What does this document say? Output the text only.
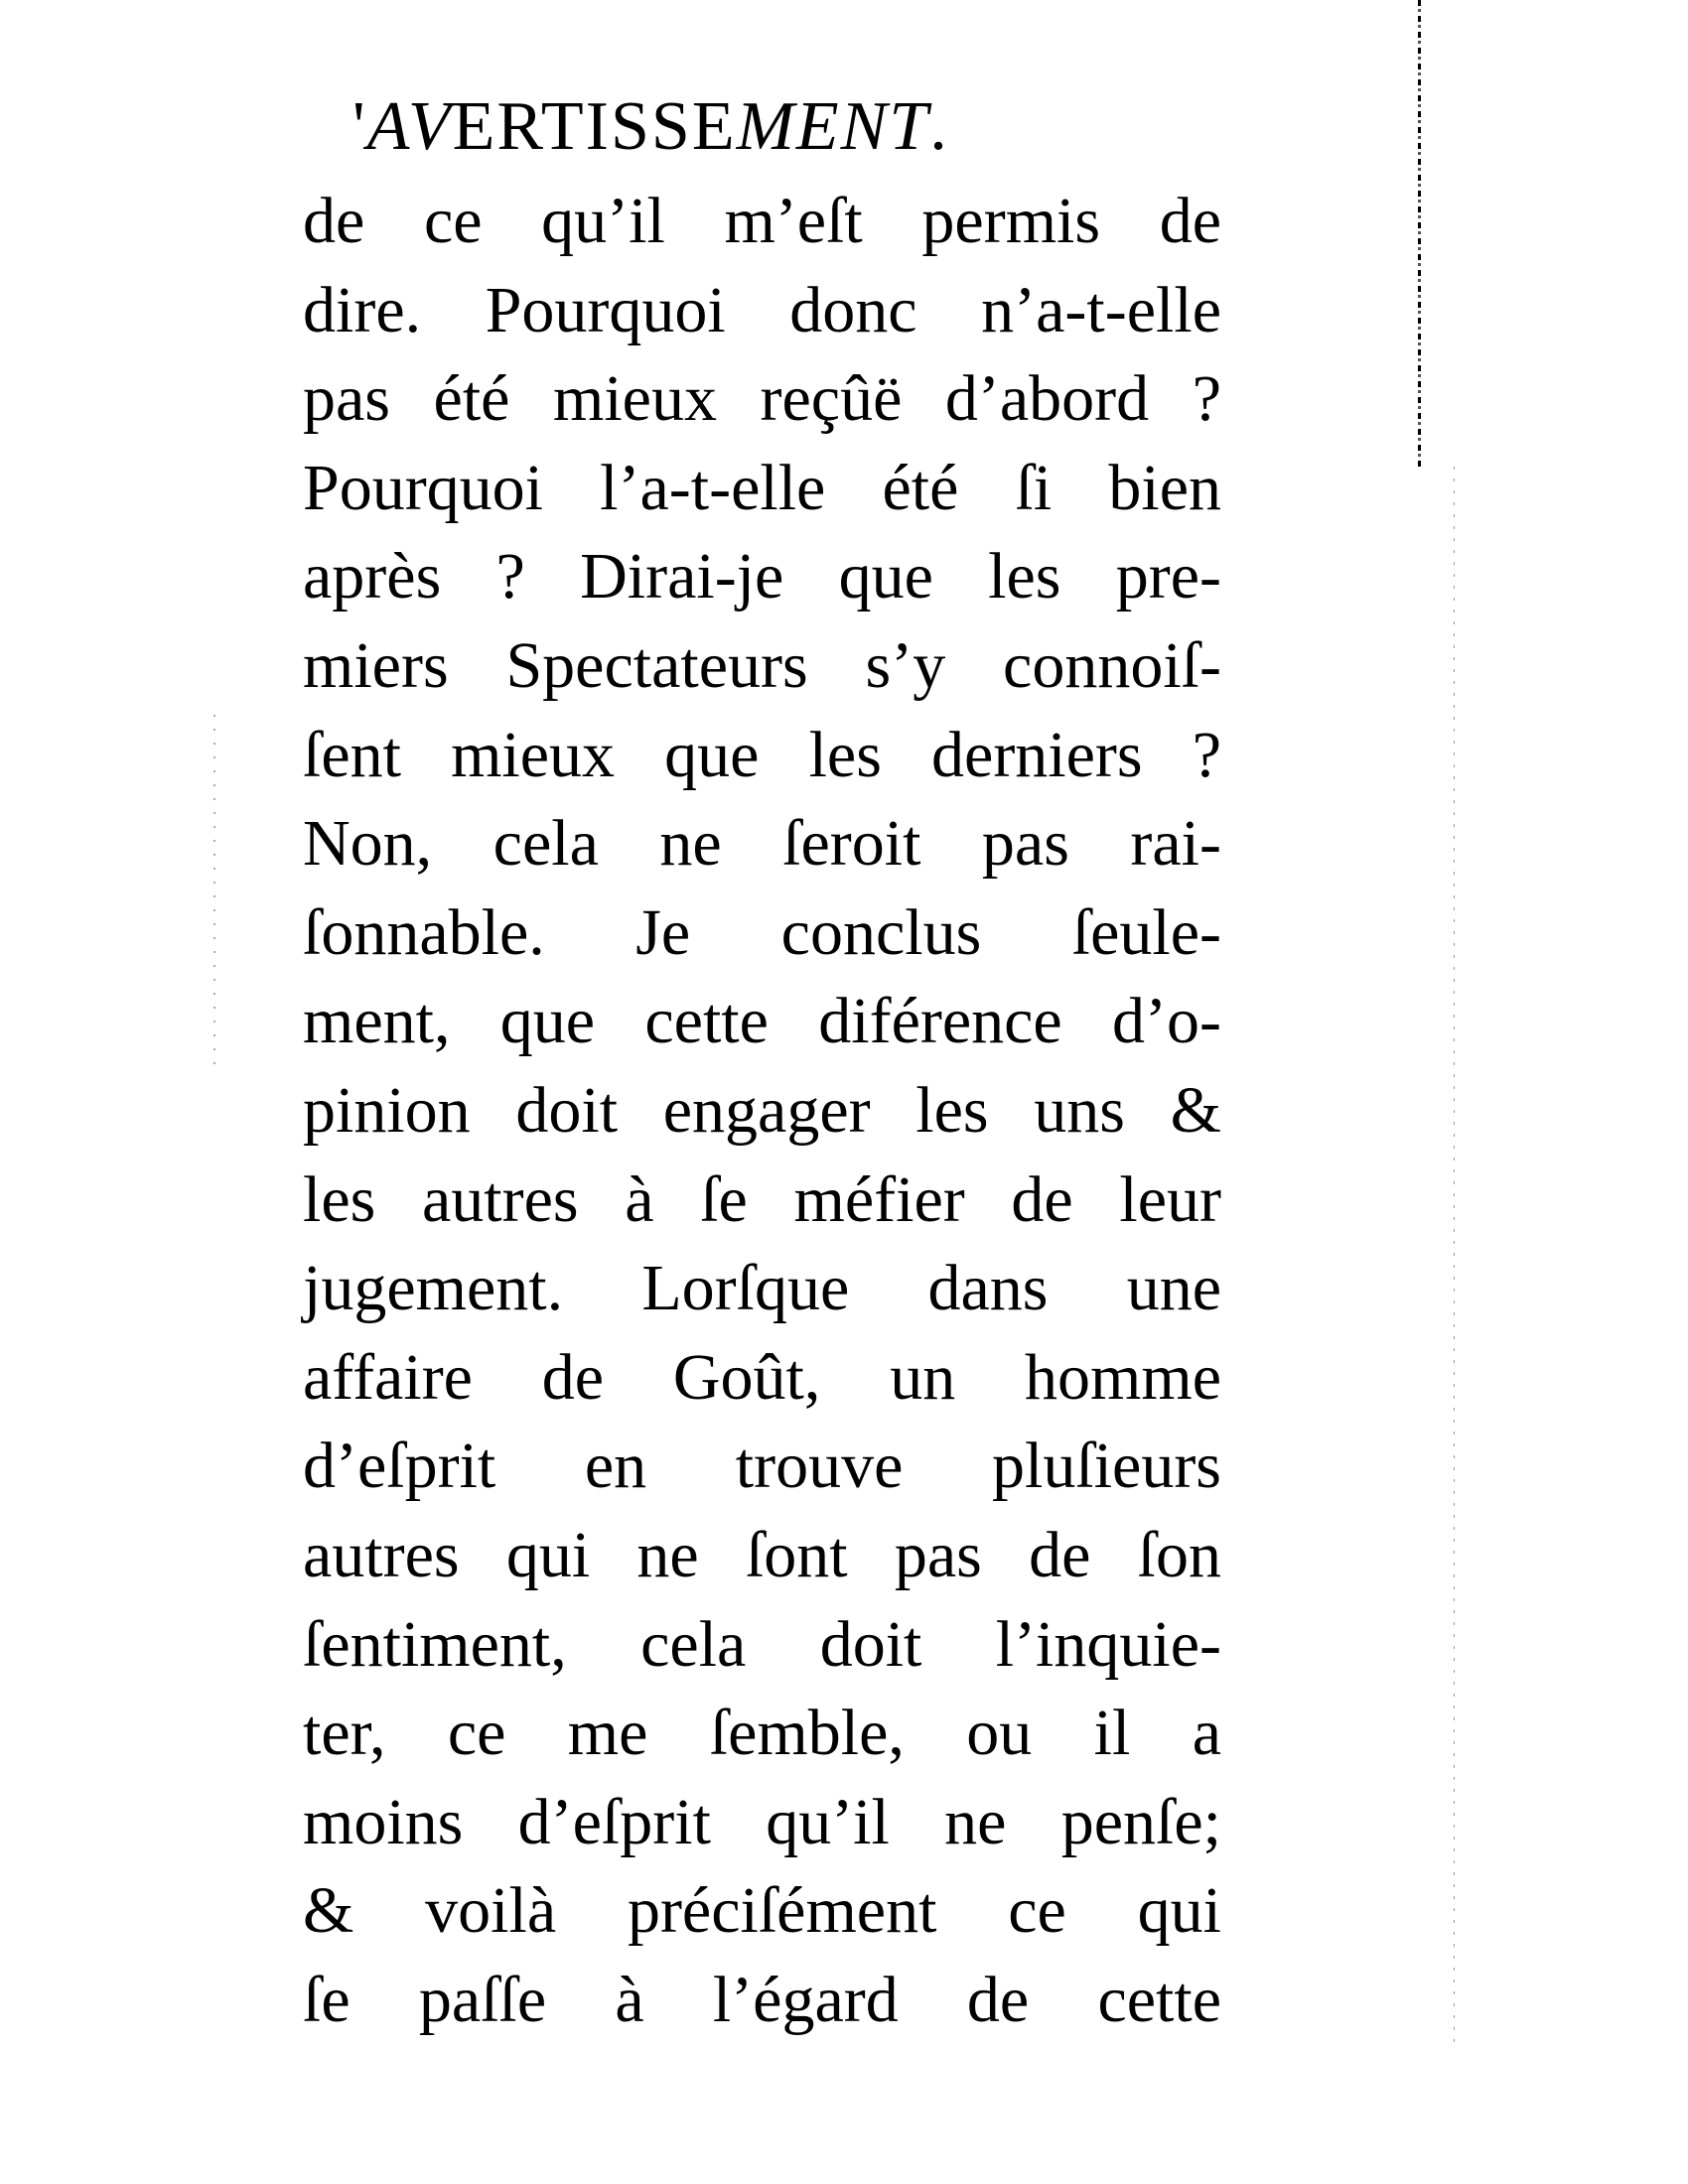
'AVERTISSEMENT.
de ce qu’il m’eſt permis de
dire. Pourquoi donc n’a-t-elle
pas été mieux reçûë d’abord ?
Pourquoi l’a-t-elle été ſi bien
après ? Dirai-je que les pre-
miers Spectateurs s’y connoiſ-
ſent mieux que les derniers ?
Non, cela ne ſeroit pas rai-
ſonnable. Je conclus ſeule-
ment, que cette diférence d’o-
pinion doit engager les uns &
les autres à ſe méfier de leur
jugement. Lorſque dans une
affaire de Goût, un homme
d’eſprit en trouve pluſieurs
autres qui ne ſont pas de ſon
ſentiment, cela doit l’inquie-
ter, ce me ſemble, ou il a
moins d’eſprit qu’il ne penſe;
& voilà préciſément ce qui
ſe paſſe à l’égard de cette
